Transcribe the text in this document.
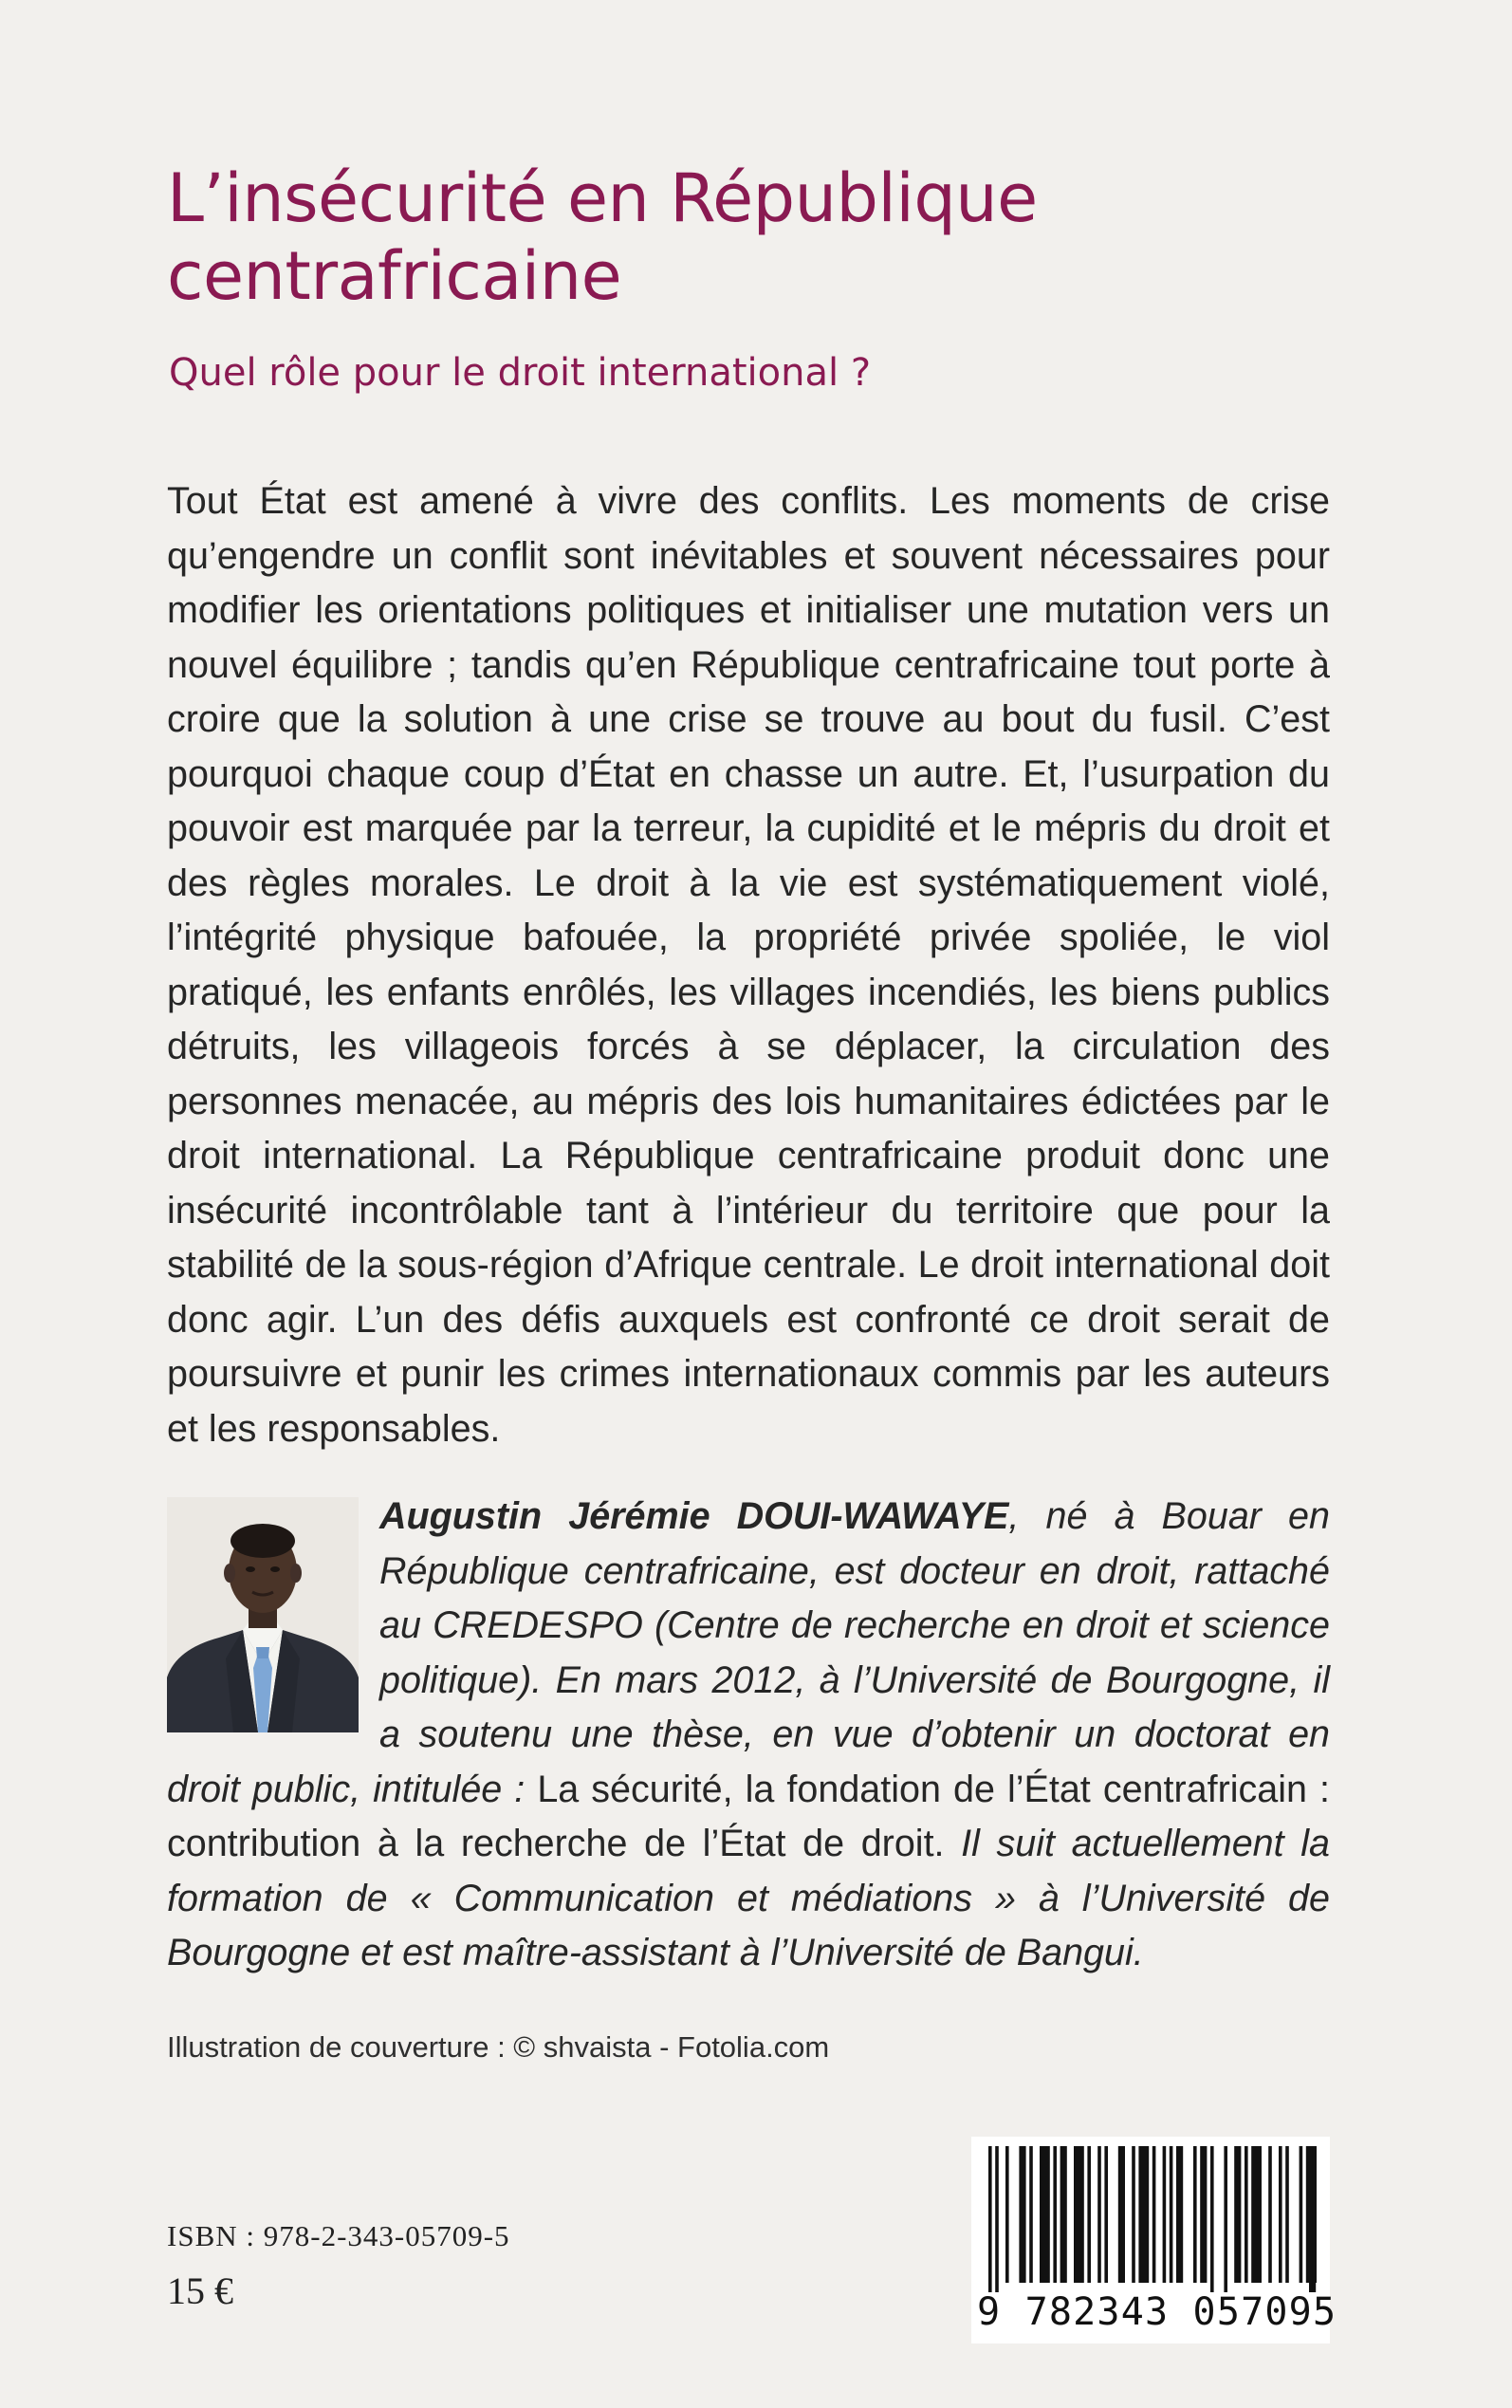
L’insécurité en République centrafricaine

Quel rôle pour le droit international ?

Tout État est amené à vivre des conflits. Les moments de crise qu’engendre un conflit sont inévitables et souvent nécessaires pour modifier les orientations politiques et initialiser une mutation vers un nouvel équilibre ; tandis qu’en République centrafricaine tout porte à croire que la solution à une crise se trouve au bout du fusil. C’est pourquoi chaque coup d’État en chasse un autre. Et, l’usurpation du pouvoir est marquée par la terreur, la cupidité et le mépris du droit et des règles morales. Le droit à la vie est systématiquement violé, l’intégrité physique bafouée, la propriété privée spoliée, le viol pratiqué, les enfants enrôlés, les villages incendiés, les biens publics détruits, les villageois forcés à se déplacer, la circulation des personnes menacée, au mépris des lois humanitaires édictées par le droit international. La République centrafricaine produit donc une insécurité incontrôlable tant à l’intérieur du territoire que pour la stabilité de la sous-région d’Afrique centrale. Le droit international doit donc agir. L’un des défis auxquels est confronté ce droit serait de poursuivre et punir les crimes internationaux commis par les auteurs et les responsables.

Augustin Jérémie DOUI-WAWAYE, né à Bouar en République centrafricaine, est docteur en droit, rattaché au CREDESPO (Centre de recherche en droit et science politique). En mars 2012, à l’Université de Bourgogne, il a soutenu une thèse, en vue d’obtenir un doctorat en droit public, intitulée : La sécurité, la fondation de l’État centrafricain : contribution à la recherche de l’État de droit. Il suit actuellement la formation de « Communication et médiations » à l’Université de Bourgogne et est maître-assistant à l’Université de Bangui.

Illustration de couverture : © shvaista - Fotolia.com

ISBN : 978-2-343-05709-5

15 €	9 782343 057095
